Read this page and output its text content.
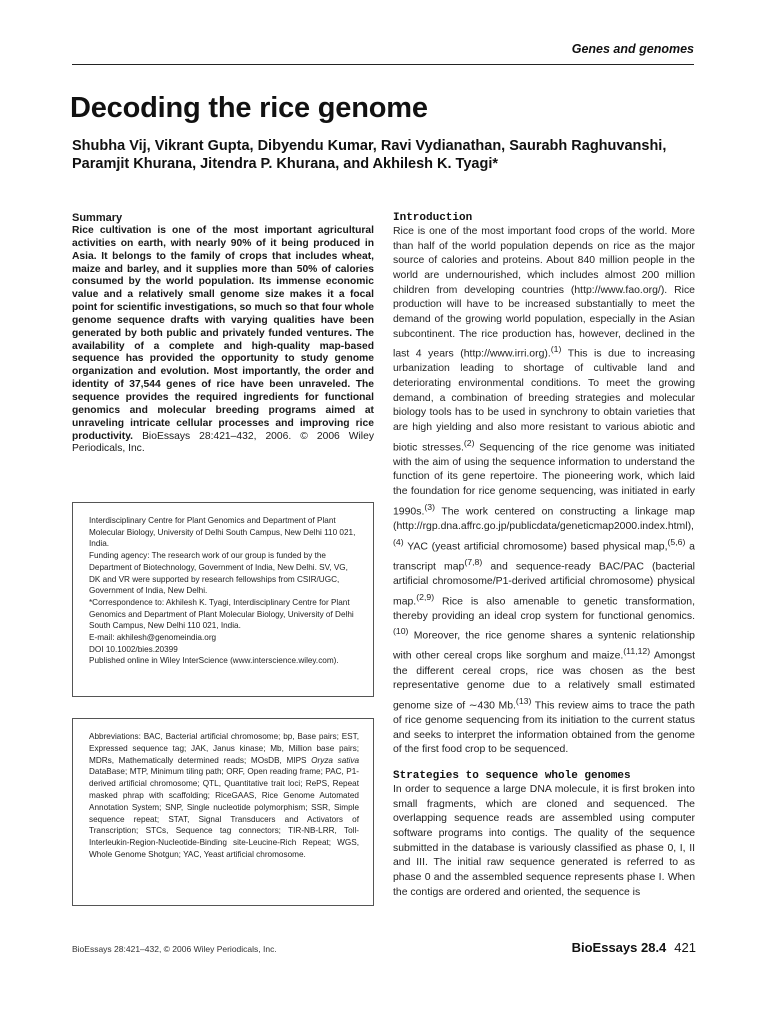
Genes and genomes
Decoding the rice genome
Shubha Vij, Vikrant Gupta, Dibyendu Kumar, Ravi Vydianathan, Saurabh Raghuvanshi, Paramjit Khurana, Jitendra P. Khurana, and Akhilesh K. Tyagi*

Summary

Rice cultivation is one of the most important agricultural activities on earth, with nearly 90% of it being produced in Asia. It belongs to the family of crops that includes wheat, maize and barley, and it supplies more than 50% of calories consumed by the world population. Its immense economic value and a relatively small genome size makes it a focal point for scientific investigations, so much so that four whole genome sequence drafts with varying qualities have been generated by both public and privately funded ventures. The availability of a complete and high-quality map-based sequence has provided the opportunity to study genome organization and evolution. Most importantly, the order and identity of 37,544 genes of rice have been unraveled. The sequence provides the required ingredients for functional genomics and molecular breeding programs aimed at unraveling intricate cellular processes and improving rice productivity. BioEssays 28:421–432, 2006. © 2006 Wiley Periodicals, Inc.

Interdisciplinary Centre for Plant Genomics and Department of Plant Molecular Biology, University of Delhi South Campus, New Delhi 110 021, India.

Funding agency: The research work of our group is funded by the Department of Biotechnology, Government of India, New Delhi. SV, VG, DK and VR were supported by research fellowships from CSIR/UGC, Government of India, New Delhi.

*Correspondence to: Akhilesh K. Tyagi, Interdisciplinary Centre for Plant Genomics and Department of Plant Molecular Biology, University of Delhi South Campus, New Delhi 110 021, India.

E-mail: akhilesh@genomeindia.org

DOI 10.1002/bies.20399

Published online in Wiley InterScience (www.interscience.wiley.com).

Abbreviations: BAC, Bacterial artificial chromosome; bp, Base pairs; EST, Expressed sequence tag; JAK, Janus kinase; Mb, Million base pairs; MDRs, Mathematically determined reads; MOsDB, MIPS Oryza sativa DataBase; MTP, Minimum tiling path; ORF, Open reading frame; PAC, P1-derived artificial chromosome; QTL, Quantitative trait loci; RePS, Repeat masked phrap with scaffolding; RiceGAAS, Rice Genome Automated Annotation System; SNP, Single nucleotide polymorphism; SSR, Simple sequence repeat; STAT, Signal Transducers and Activators of Transcription; STCs, Sequence tag connectors; TIR-NB-LRR, Toll-Interleukin-Region-Nucleotide-Binding site-Leucine-Rich Repeat; WGS, Whole Genome Shotgun; YAC, Yeast artificial chromosome.

Introduction

Rice is one of the most important food crops of the world. More than half of the world population depends on rice as the major source of calories and proteins. About 840 million people in the world are undernourished, which includes almost 200 million children from developing countries (http://www.fao.org/). Rice production will have to be increased substantially to meet the demand of the growing world population, especially in the Asian subcontinent. The rice production has, however, declined in the last 4 years (http://www.irri.org).$^{(1)}$ This is due to increasing urbanization leading to shortage of cultivable land and deteriorating environmental conditions. To meet the growing demand, a combination of breeding strategies and molecular biology tools has to be used in synchrony to obtain varieties that are high yielding and also more resistant to various abiotic and biotic stresses.$^{(2)}$ Sequencing of the rice genome was initiated with the aim of using the sequence information to understand the function of its gene repertoire. The pioneering work, which laid the foundation for rice genome sequencing, was initiated in early 1990s.$^{(3)}$ The work centered on constructing a linkage map (http://rgp.dna.affrc.go.jp/publicdata/geneticmap2000.index.html),$^{(4)}$ YAC (yeast artificial chromosome) based physical map,$^{(5,6)}$ a transcript map$^{(7,8)}$ and sequence-ready BAC/PAC (bacterial artificial chromosome/P1-derived artificial chromosome) physical map.$^{(2,9)}$ Rice is also amenable to genetic transformation, thereby providing an ideal crop system for functional genomics.$^{(10)}$ Moreover, the rice genome shares a syntenic relationship with other cereal crops like sorghum and maize.$^{(11,12)}$ Amongst the different cereal crops, rice was chosen as the best representative genome due to a relatively small estimated genome size of ∼430 Mb.$^{(13)}$ This review aims to trace the path of rice genome sequencing from its initiation to the current status and seeks to interpret the information obtained from the genome of the first food crop to be sequenced.

Strategies to sequence whole genomes

In order to sequence a large DNA molecule, it is first broken into small fragments, which are cloned and sequenced. The overlapping sequence reads are assembled using computer software programs into contigs. The quality of the sequence submitted in the database is variously classified as phase 0, I, II and III. The initial raw sequence generated is referred to as phase 0 and the assembled sequence represents phase I. When the contigs are ordered and oriented, the sequence is

BioEssays 28:421–432, © 2006 Wiley Periodicals, Inc.	BioEssays 28.4 421
